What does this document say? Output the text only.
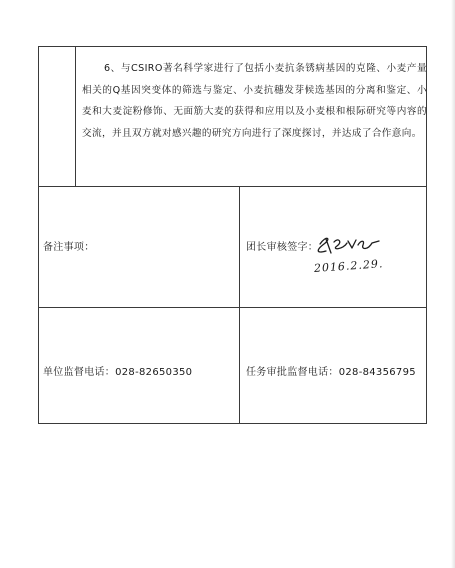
6、与CSIRO著名科学家进行了包括小麦抗条锈病基因的克隆、小麦产量相关的Q基因突变体的筛选与鉴定、小麦抗穗发芽候选基因的分离和鉴定、小麦和大麦淀粉修饰、无面筋大麦的获得和应用以及小麦根和根际研究等内容的交流，并且双方就对感兴趣的研究方向进行了深度探讨，并达成了合作意向。

备注事项：	团长审核签字：
2016.2.29.
单位监督电话：028-82650350	任务审批监督电话：028-84356795
